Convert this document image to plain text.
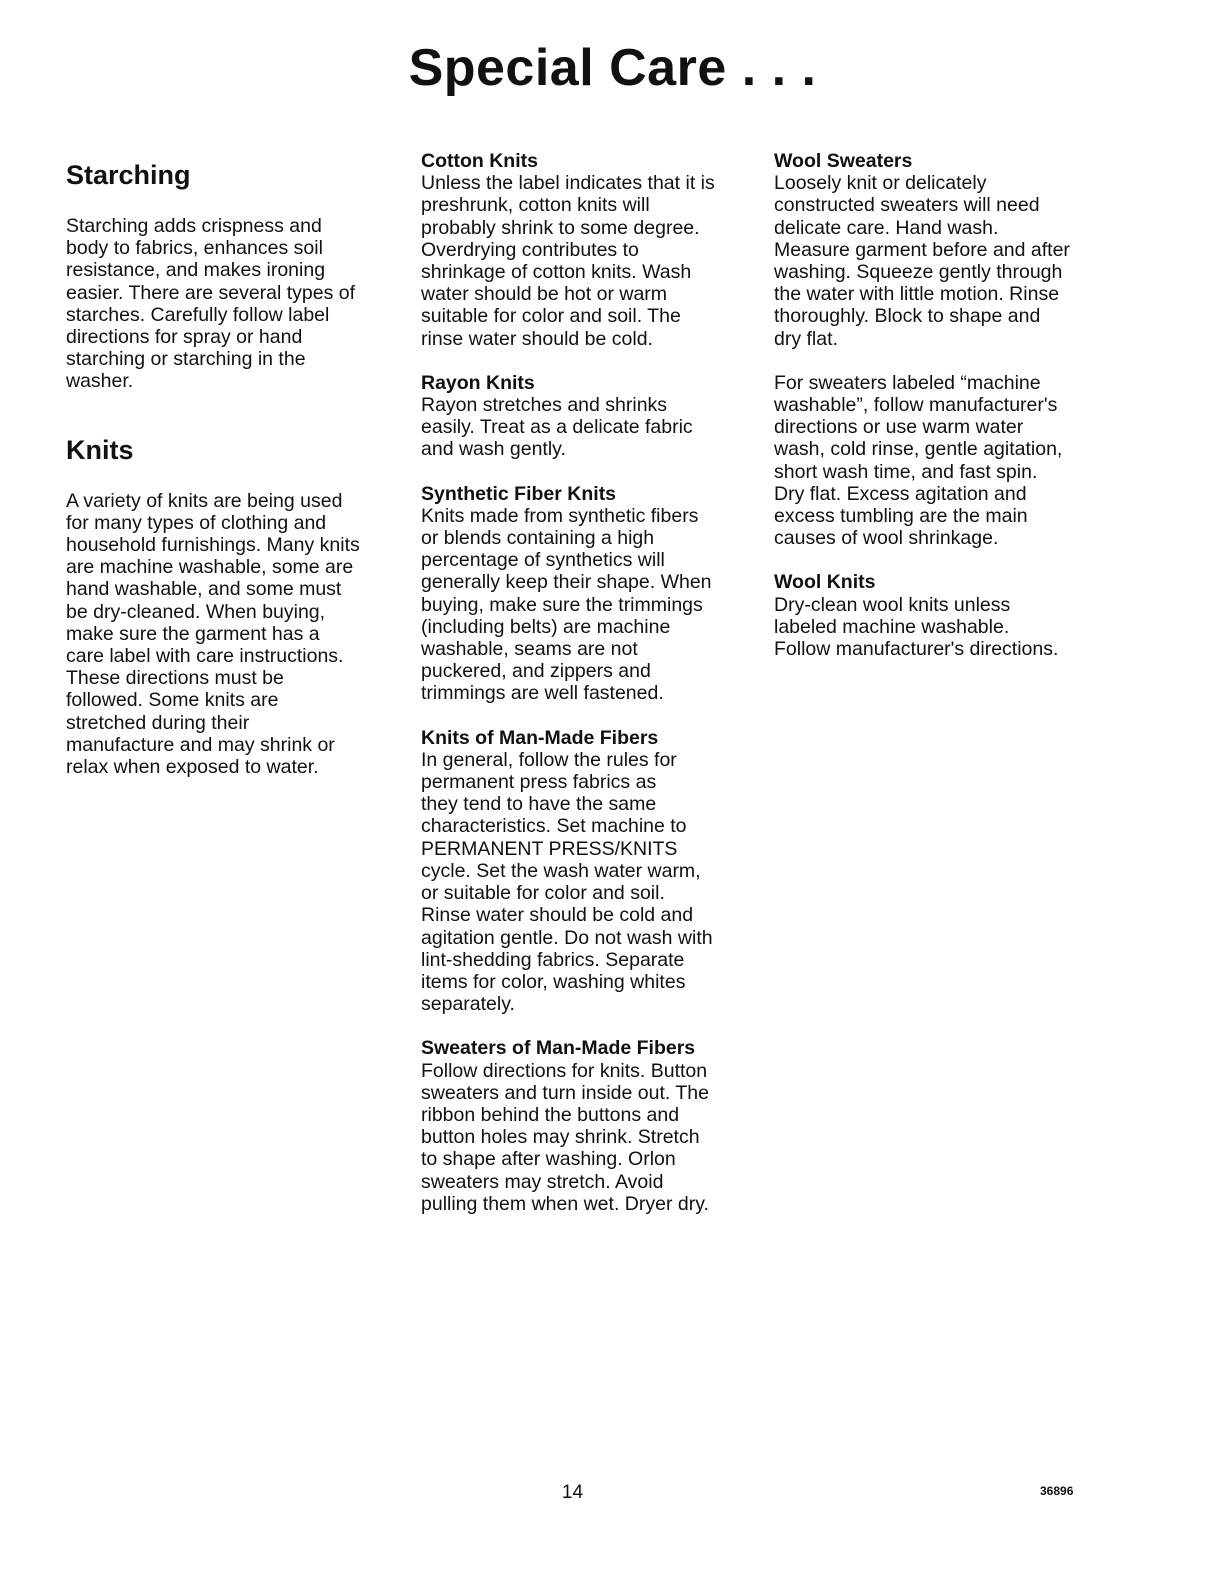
Special Care . . .
Starching

Starching adds crispness and
body to fabrics, enhances soil
resistance, and makes ironing
easier. There are several types of
starches. Carefully follow label
directions for spray or hand
starching or starching in the
washer.

Knits

A variety of knits are being used
for many types of clothing and
household furnishings. Many knits
are machine washable, some are
hand washable, and some must
be dry-cleaned. When buying,
make sure the garment has a
care label with care instructions.
These directions must be
followed. Some knits are
stretched during their
manufacture and may shrink or
relax when exposed to water.

Cotton Knits

Unless the label indicates that it is
preshrunk, cotton knits will
probably shrink to some degree.
Overdrying contributes to
shrinkage of cotton knits. Wash
water should be hot or warm
suitable for color and soil. The
rinse water should be cold.

Rayon Knits

Rayon stretches and shrinks
easily. Treat as a delicate fabric
and wash gently.

Synthetic Fiber Knits

Knits made from synthetic fibers
or blends containing a high
percentage of synthetics will
generally keep their shape. When
buying, make sure the trimmings
(including belts) are machine
washable, seams are not
puckered, and zippers and
trimmings are well fastened.

Knits of Man-Made Fibers

In general, follow the rules for
permanent press fabrics as
they tend to have the same
characteristics. Set machine to
PERMANENT PRESS/KNITS
cycle. Set the wash water warm,
or suitable for color and soil.
Rinse water should be cold and
agitation gentle. Do not wash with
lint-shedding fabrics. Separate
items for color, washing whites
separately.

Sweaters of Man-Made Fibers

Follow directions for knits. Button
sweaters and turn inside out. The
ribbon behind the buttons and
button holes may shrink. Stretch
to shape after washing. Orlon
sweaters may stretch. Avoid
pulling them when wet. Dryer dry.

Wool Sweaters

Loosely knit or delicately
constructed sweaters will need
delicate care. Hand wash.
Measure garment before and after
washing. Squeeze gently through
the water with little motion. Rinse
thoroughly. Block to shape and
dry flat.

For sweaters labeled “machine
washable”, follow manufacturer's
directions or use warm water
wash, cold rinse, gentle agitation,
short wash time, and fast spin.
Dry flat. Excess agitation and
excess tumbling are the main
causes of wool shrinkage.

Wool Knits

Dry-clean wool knits unless
labeled machine washable.
Follow manufacturer's directions.

14	36896
